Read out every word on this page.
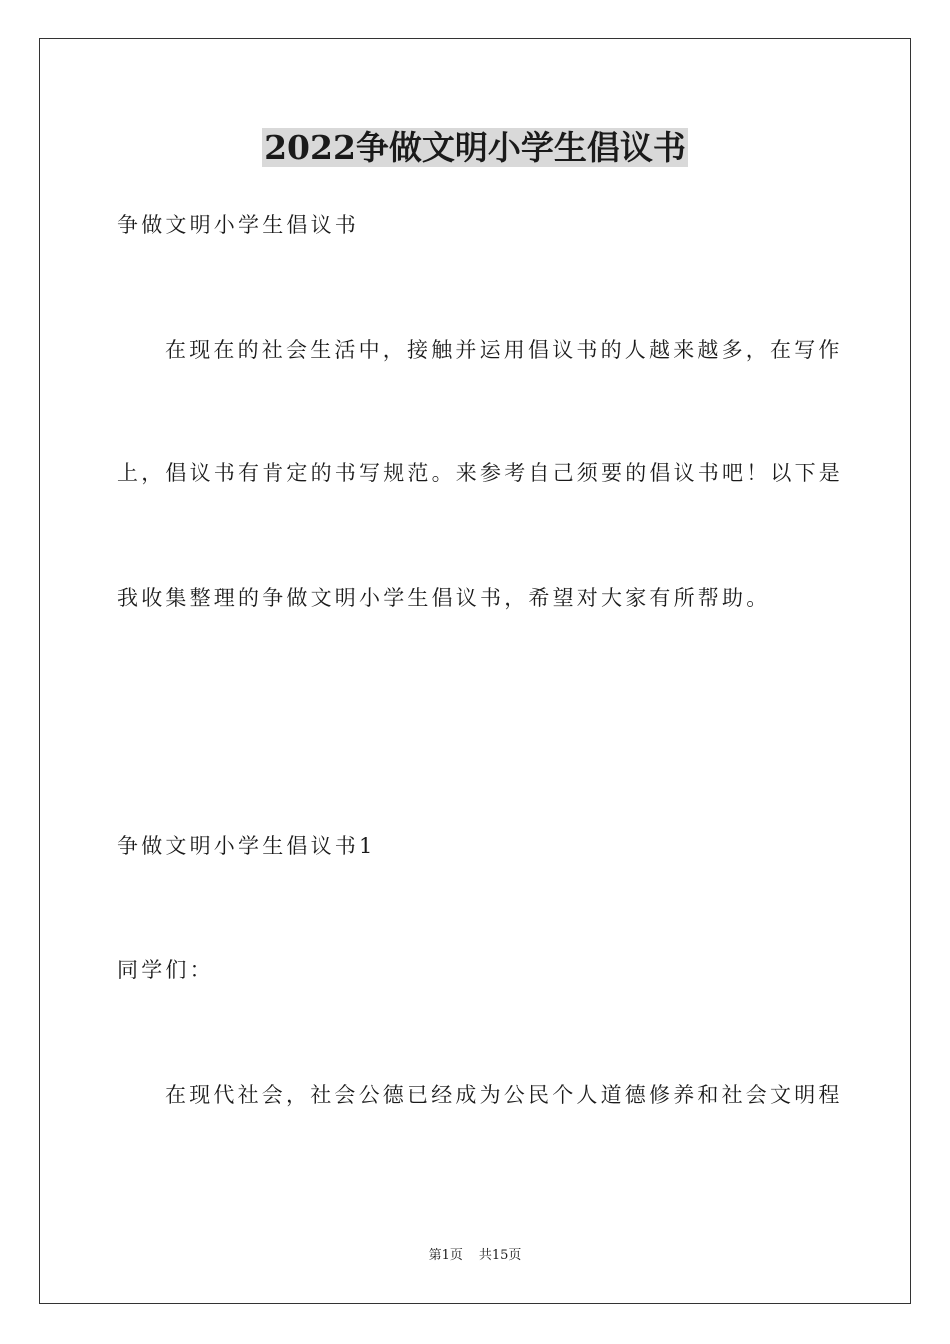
2022争做文明小学生倡议书
争做文明小学生倡议书
在现在的社会生活中，接触并运用倡议书的人越来越多，在写作
上，倡议书有肯定的书写规范。来参考自己须要的倡议书吧！以下是
我收集整理的争做文明小学生倡议书，希望对大家有所帮助。
争做文明小学生倡议书1
同学们：
在现代社会，社会公德已经成为公民个人道德修养和社会文明程
第1页 共15页
